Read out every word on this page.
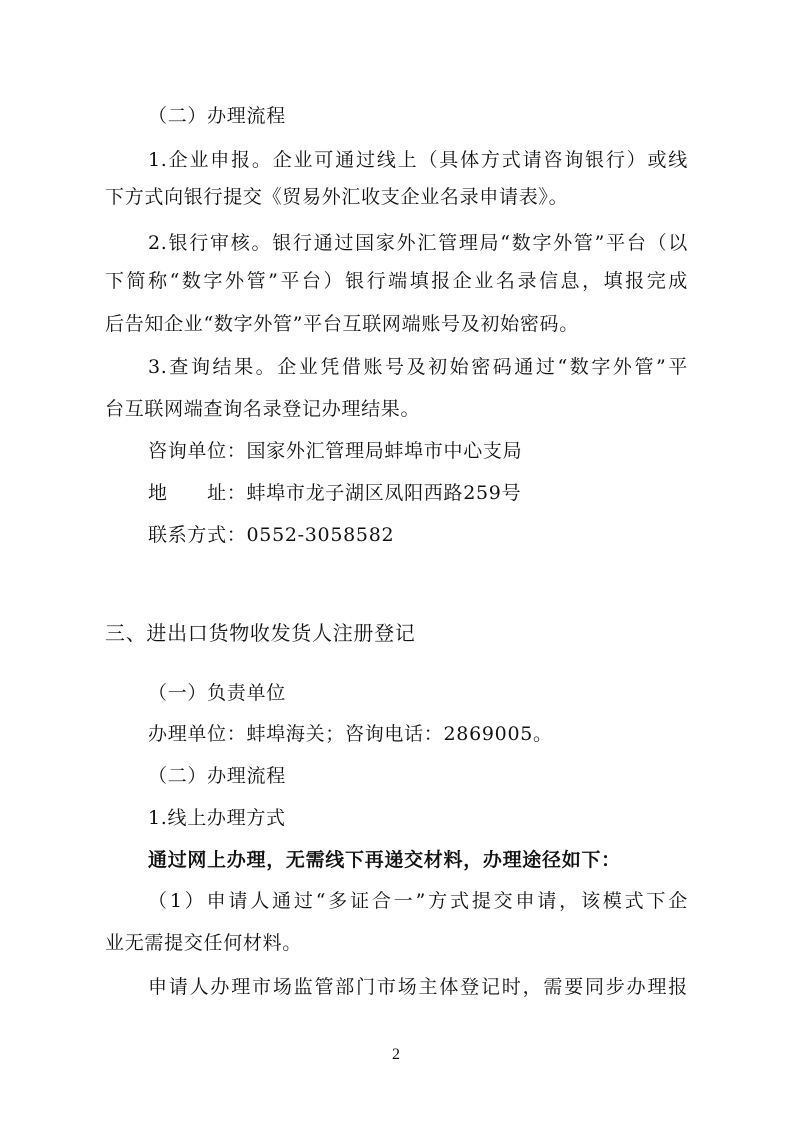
（二）办理流程
1.企业申报。企业可通过线上（具体方式请咨询银行）或线
下方式向银行提交《贸易外汇收支企业名录申请表》。
2.银行审核。银行通过国家外汇管理局“数字外管”平台（以
下简称“数字外管”平台）银行端填报企业名录信息，填报完成
后告知企业“数字外管”平台互联网端账号及初始密码。
3.查询结果。企业凭借账号及初始密码通过“数字外管”平
台互联网端查询名录登记办理结果。
咨询单位：国家外汇管理局蚌埠市中心支局
地　　址：蚌埠市龙子湖区凤阳西路259号
联系方式：0552-3058582
三、进出口货物收发货人注册登记
（一）负责单位
办理单位：蚌埠海关；咨询电话：2869005。
（二）办理流程
1.线上办理方式
通过网上办理，无需线下再递交材料，办理途径如下：
（1）申请人通过“多证合一”方式提交申请，该模式下企
业无需提交任何材料。
申请人办理市场监管部门市场主体登记时，需要同步办理报
2
